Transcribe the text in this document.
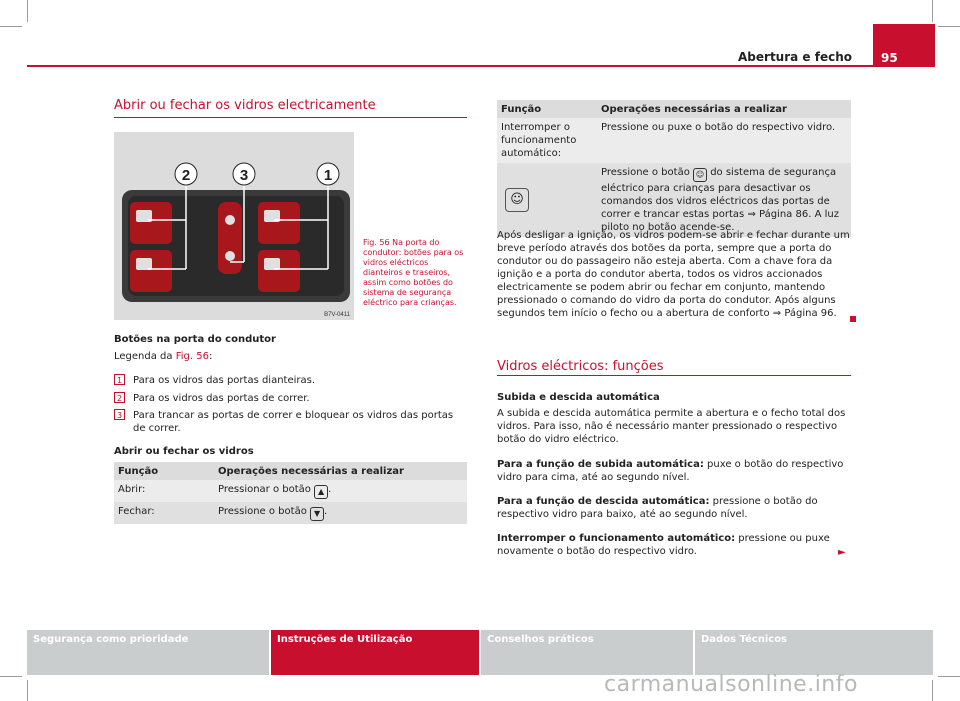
Abertura e fecho 95
Abrir ou fechar os vidros electricamente
2	3	1
B7V-0411
Fig. 56 Na porta do condutor: botões para os vidros eléctricos dianteiros e traseiros, assim como botões do sistema de segurança eléctrico para crianças.
Botões na porta do condutor
Legenda da Fig. 56:
1 Para os vidros das portas dianteiras.
2 Para os vidros das portas de correr.
3 Para trancar as portas de correr e bloquear os vidros das portas de correr.
Abrir ou fechar os vidros
Função	Operações necessárias a realizar
Abrir:	Pressionar o botão ▲ .
Fechar:	Pressione o botão ▼ .
Função	Operações necessárias a realizar
Interromper o funcionamento automático:	Pressione ou puxe o botão do respectivo vidro.
☺	Pressione o botão ☺ do sistema de segurança eléctrico para crianças para desactivar os comandos dos vidros eléctricos das portas de correr e trancar estas portas ⇒ Página 86. A luz piloto no botão acende-se.
Após desligar a ignição, os vidros podem-se abrir e fechar durante um breve período através dos botões da porta, sempre que a porta do condutor ou do passageiro não esteja aberta. Com a chave fora da ignição e a porta do condutor aberta, todos os vidros accionados electricamente se podem abrir ou fechar em conjunto, mantendo pressionado o comando do vidro da porta do condutor. Após alguns segundos tem início o fecho ou a abertura de conforto ⇒ Página 96.
Vidros eléctricos: funções
Subida e descida automática
A subida e descida automática permite a abertura e o fecho total dos vidros. Para isso, não é necessário manter pressionado o respectivo botão do vidro eléctrico.
Para a função de subida automática: puxe o botão do respectivo vidro para cima, até ao segundo nível.
Para a função de descida automática: pressione o botão do respectivo vidro para baixo, até ao segundo nível.
Interromper o funcionamento automático: pressione ou puxe novamente o botão do respectivo vidro.	►
Segurança como prioridade	Instruções de Utilização	Conselhos práticos	Dados Técnicos
carmanualsonline.info
